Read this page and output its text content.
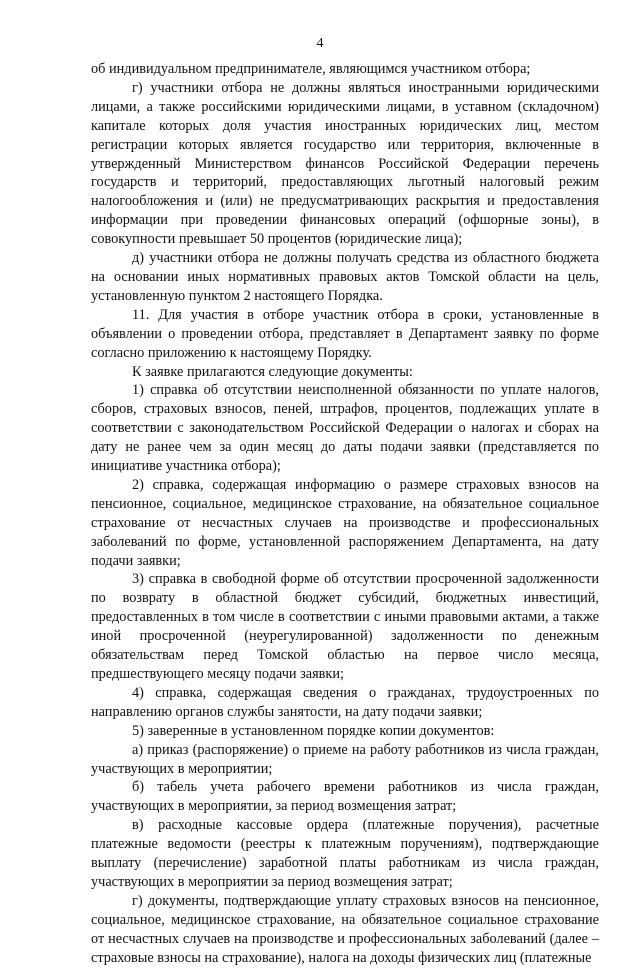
4

об индивидуальном предпринимателе, являющимся участником отбора;

г) участники отбора не должны являться иностранными юридическими лицами, а также российскими юридическими лицами, в уставном (складочном) капитале которых доля участия иностранных юридических лиц, местом регистрации которых является государство или территория, включенные в утвержденный Министерством финансов Российской Федерации перечень государств и территорий, предоставляющих льготный налоговый режим налогообложения и (или) не предусматривающих раскрытия и предоставления информации при проведении финансовых операций (офшорные зоны), в совокупности превышает 50 процентов (юридические лица);

д) участники отбора не должны получать средства из областного бюджета на основании иных нормативных правовых актов Томской области на цель, установленную пунктом 2 настоящего Порядка.

11. Для участия в отборе участник отбора в сроки, установленные в объявлении о проведении отбора, представляет в Департамент заявку по форме согласно приложению к настоящему Порядку.

К заявке прилагаются следующие документы:

1) справка об отсутствии неисполненной обязанности по уплате налогов, сборов, страховых взносов, пеней, штрафов, процентов, подлежащих уплате в соответствии с законодательством Российской Федерации о налогах и сборах на дату не ранее чем за один месяц до даты подачи заявки (представляется по инициативе участника отбора);

2) справка, содержащая информацию о размере страховых взносов на пенсионное, социальное, медицинское страхование, на обязательное социальное страхование от несчастных случаев на производстве и профессиональных заболеваний по форме, установленной распоряжением Департамента, на дату подачи заявки;

3) справка в свободной форме об отсутствии просроченной задолженности по возврату в областной бюджет субсидий, бюджетных инвестиций, предоставленных в том числе в соответствии с иными правовыми актами, а также иной просроченной (неурегулированной) задолженности по денежным обязательствам перед Томской областью на первое число месяца, предшествующего месяцу подачи заявки;

4) справка, содержащая сведения о гражданах, трудоустроенных по направлению органов службы занятости, на дату подачи заявки;

5) заверенные в установленном порядке копии документов:

а) приказ (распоряжение) о приеме на работу работников из числа граждан, участвующих в мероприятии;

б) табель учета рабочего времени работников из числа граждан, участвующих в мероприятии, за период возмещения затрат;

в) расходные кассовые ордера (платежные поручения), расчетные платежные ведомости (реестры к платежным поручениям), подтверждающие выплату (перечисление) заработной платы работникам из числа граждан, участвующих в мероприятии за период возмещения затрат;

г) документы, подтверждающие уплату страховых взносов на пенсионное, социальное, медицинское страхование, на обязательное социальное страхование от несчастных случаев на производстве и профессиональных заболеваний (далее – страховые взносы на страхование), налога на доходы физических лиц (платежные
